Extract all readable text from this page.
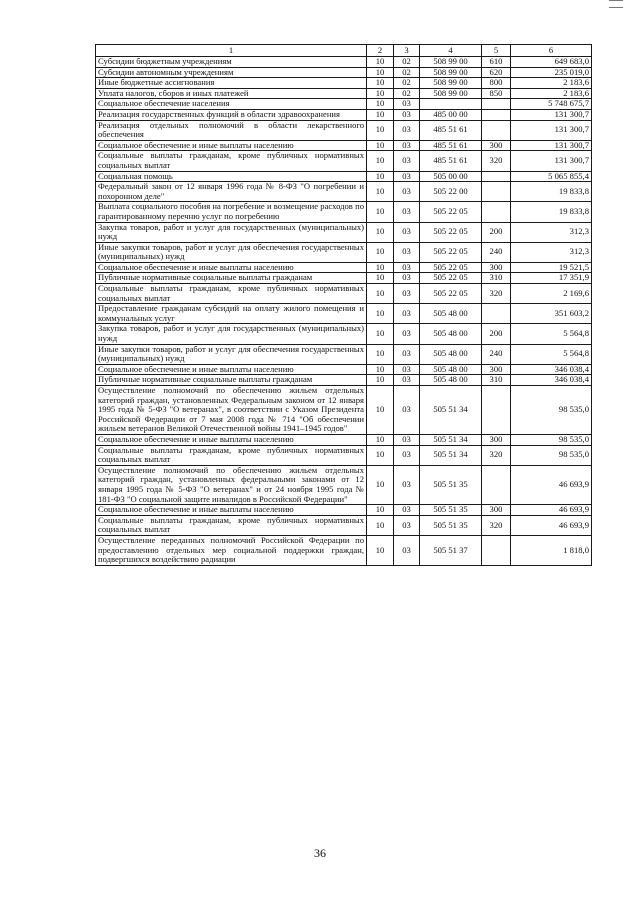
1	2	3	4	5	6
Субсидии бюджетным учреждениям	10	02	508 99 00	610	649 683,0
Субсидии автономным учреждениям	10	02	508 99 00	620	235 019,0
Иные бюджетные ассигнования	10	02	508 99 00	800	2 183,6
Уплата налогов, сборов и иных платежей	10	02	508 99 00	850	2 183,6
Социальное обеспечение населения	10	03			5 748 675,7
Реализация государственных функций в области здравоохранения	10	03	485 00 00		131 300,7
Реализация отдельных полномочий в области лекарственного обеспечения	10	03	485 51 61		131 300,7
Социальное обеспечение и иные выплаты населению	10	03	485 51 61	300	131 300,7
Социальные выплаты гражданам, кроме публичных нормативных социальных выплат	10	03	485 51 61	320	131 300,7
Социальная помощь	10	03	505 00 00		5 065 855,4
Федеральный закон от 12 января 1996 года № 8-ФЗ "О погребении и похоронном деле"	10	03	505 22 00		19 833,8
Выплата социального пособия на погребение и возмещение расходов по гарантированному перечню услуг по погребению	10	03	505 22 05		19 833,8
Закупка товаров, работ и услуг для государственных (муниципальных) нужд	10	03	505 22 05	200	312,3
Иные закупки товаров, работ и услуг для обеспечения государственных (муниципальных) нужд	10	03	505 22 05	240	312,3
Социальное обеспечение и иные выплаты населению	10	03	505 22 05	300	19 521,5
Публичные нормативные социальные выплаты гражданам	10	03	505 22 05	310	17 351,9
Социальные выплаты гражданам, кроме публичных нормативных социальных выплат	10	03	505 22 05	320	2 169,6
Предоставление гражданам субсидий на оплату жилого помещения и коммунальных услуг	10	03	505 48 00		351 603,2
Закупка товаров, работ и услуг для государственных (муниципальных) нужд	10	03	505 48 00	200	5 564,8
Иные закупки товаров, работ и услуг для обеспечения государственных (муниципальных) нужд	10	03	505 48 00	240	5 564,8
Социальное обеспечение и иные выплаты населению	10	03	505 48 00	300	346 038,4
Публичные нормативные социальные выплаты гражданам	10	03	505 48 00	310	346 038,4
Осуществление полномочий по обеспечению жильем отдельных категорий граждан, установленных Федеральным законом от 12 января 1995 года № 5-ФЗ "О ветеранах", в соответствии с Указом Президента Российской Федерации от 7 мая 2008 года № 714 "Об обеспечении жильем ветеранов Великой Отечественной войны 1941–1945 годов"	10	03	505 51 34		98 535,0
Социальное обеспечение и иные выплаты населению	10	03	505 51 34	300	98 535,0
Социальные выплаты гражданам, кроме публичных нормативных социальных выплат	10	03	505 51 34	320	98 535,0
Осуществление полномочий по обеспечению жильем отдельных категорий граждан, установленных федеральными законами от 12 января 1995 года № 5-ФЗ "О ветеранах" и от 24 ноября 1995 года № 181-ФЗ "О социальной защите инвалидов в Российской Федерации"	10	03	505 51 35		46 693,9
Социальное обеспечение и иные выплаты населению	10	03	505 51 35	300	46 693,9
Социальные выплаты гражданам, кроме публичных нормативных социальных выплат	10	03	505 51 35	320	46 693,9
Осуществление переданных полномочий Российской Федерации по предоставлению отдельных мер социальной поддержки граждан, подвергшихся воздействию радиации	10	03	505 51 37		1 818,0
36
